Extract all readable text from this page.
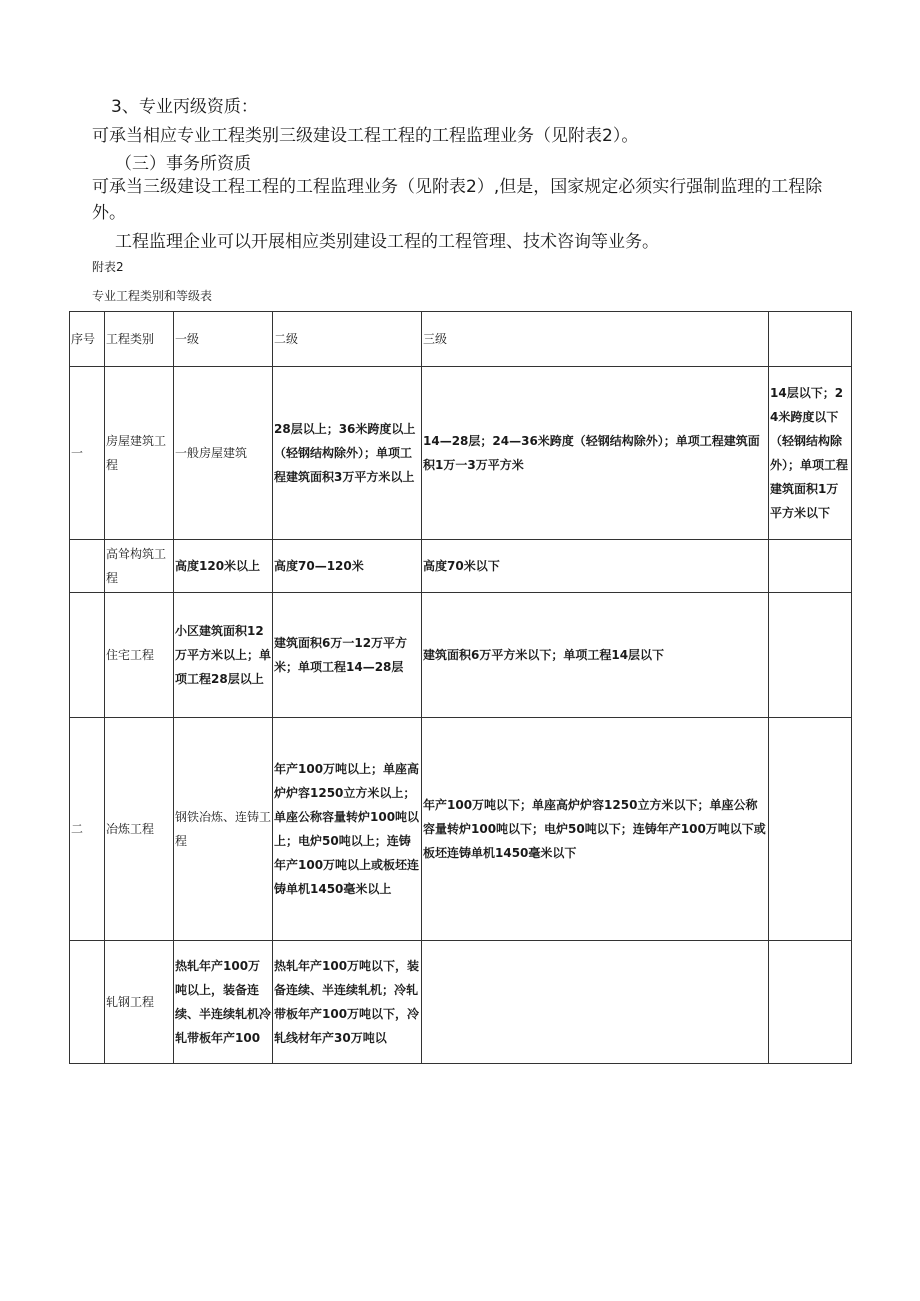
3、专业丙级资质：
可承当相应专业工程类别三级建设工程工程的工程监理业务（见附表2）。
（三）事务所资质
可承当三级建设工程工程的工程监理业务（见附表2）,但是，国家规定必须实行强制监理的工程除外。
工程监理企业可以开展相应类别建设工程的工程管理、技术咨询等业务。
附表2
专业工程类别和等级表
序号	工程类别	一级	二级	三级	
一	房屋建筑工程	一般房屋建筑	28层以上；36米跨度以上（轻钢结构除外）；单项工程建筑面积3万平方米以上	14—28层；24—36米跨度（轻钢结构除外）；单项工程建筑面积1万一3万平方米	14层以下；24米跨度以下（轻钢结构除外）；单项工程建筑面积1万平方米以下
	高耸构筑工程	高度120米以上	高度70—120米	高度70米以下	
	住宅工程	小区建筑面积12万平方米以上；单项工程28层以上	建筑面积6万一12万平方米；单项工程14—28层	建筑面积6万平方米以下；单项工程14层以下	
二	冶炼工程	钢铁冶炼、连铸工程	年产100万吨以上；单座高炉炉容1250立方米以上；单座公称容量转炉100吨以上；电炉50吨以上；连铸年产100万吨以上或板坯连铸单机1450毫米以上	年产100万吨以下；单座高炉炉容1250立方米以下；单座公称容量转炉100吨以下；电炉50吨以下；连铸年产100万吨以下或板坯连铸单机1450毫米以下	
	轧钢工程	热轧年产100万吨以上，装备连续、半连续轧机冷轧带板年产100	热轧年产100万吨以下，装备连续、半连续轧机；冷轧带板年产100万吨以下，冷轧线材年产30万吨以		
